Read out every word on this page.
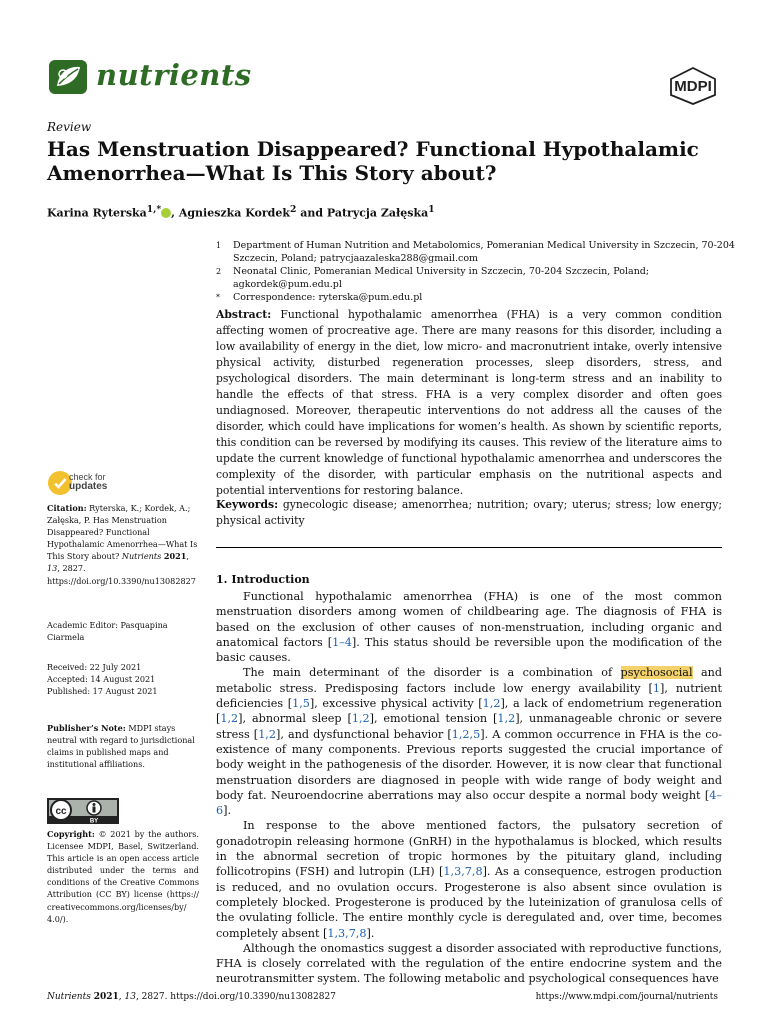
nutrients	MDPI
Review
Has Menstruation Disappeared? Functional Hypothalamic Amenorrhea—What Is This Story about?
Karina Ryterska$^{1,*}$ , Agnieszka Kordek$^2$ and Patrycja Załęska$^1$
1	Department of Human Nutrition and Metabolomics, Pomeranian Medical University in Szczecin, 70-204 Szczecin, Poland; patrycjaazaleska288@gmail.com
2	Neonatal Clinic, Pomeranian Medical University in Szczecin, 70-204 Szczecin, Poland; agkordek@pum.edu.pl
*	Correspondence: ryterska@pum.edu.pl
Abstract: Functional hypothalamic amenorrhea (FHA) is a very common condition affecting women of procreative age. There are many reasons for this disorder, including a low availability of energy in the diet, low micro- and macronutrient intake, overly intensive physical activity, disturbed regeneration processes, sleep disorders, stress, and psychological disorders. The main determinant is long-term stress and an inability to handle the effects of that stress. FHA is a very complex disorder and often goes undiagnosed. Moreover, therapeutic interventions do not address all the causes of the disorder, which could have implications for women’s health. As shown by scientific reports, this condition can be reversed by modifying its causes. This review of the literature aims to update the current knowledge of functional hypothalamic amenorrhea and underscores the complexity of the disorder, with particular emphasis on the nutritional aspects and potential interventions for restoring balance.
Keywords: gynecologic disease; amenorrhea; nutrition; ovary; uterus; stress; low energy; physical activity
check for
updates
Citation: Ryterska, K.; Kordek, A.; Załęska, P. Has Menstruation Disappeared? Functional Hypothalamic Amenorrhea—What Is This Story about? Nutrients 2021, 13, 2827. https://doi.org/10.3390/nu13082827
Academic Editor: Pasquapina Ciarmela
Received: 22 July 2021
Accepted: 14 August 2021
Published: 17 August 2021
Publisher’s Note: MDPI stays neutral with regard to jurisdictional claims in published maps and institutional affiliations.
cc
BY
Copyright: © 2021 by the authors. Licensee MDPI, Basel, Switzerland. This article is an open access article distributed under the terms and conditions of the Creative Commons Attribution (CC BY) license (https:// creativecommons.org/licenses/by/ 4.0/).
1. Introduction

Functional hypothalamic amenorrhea (FHA) is one of the most common menstruation disorders among women of childbearing age. The diagnosis of FHA is based on the exclusion of other causes of non-menstruation, including organic and anatomical factors [1–4]. This status should be reversible upon the modification of the basic causes.

The main determinant of the disorder is a combination of psychosocial and metabolic stress. Predisposing factors include low energy availability [1], nutrient deficiencies [1,5], excessive physical activity [1,2], a lack of endometrium regeneration [1,2], abnormal sleep [1,2], emotional tension [1,2], unmanageable chronic or severe stress [1,2], and dysfunctional behavior [1,2,5]. A common occurrence in FHA is the co-existence of many components. Previous reports suggested the crucial importance of body weight in the pathogenesis of the disorder. However, it is now clear that functional menstruation disorders are diagnosed in people with wide range of body weight and body fat. Neuroendocrine aberrations may also occur despite a normal body weight [4–6].

In response to the above mentioned factors, the pulsatory secretion of gonadotropin releasing hormone (GnRH) in the hypothalamus is blocked, which results in the abnormal secretion of tropic hormones by the pituitary gland, including follicotropins (FSH) and lutropin (LH) [1,3,7,8]. As a consequence, estrogen production is reduced, and no ovulation occurs. Progesterone is also absent since ovulation is completely blocked. Progesterone is produced by the luteinization of granulosa cells of the ovulating follicle. The entire monthly cycle is deregulated and, over time, becomes completely absent [1,3,7,8].

Although the onomastics suggest a disorder associated with reproductive functions, FHA is closely correlated with the regulation of the entire endocrine system and the neurotransmitter system. The following metabolic and psychological consequences have

Nutrients 2021, 13, 2827. https://doi.org/10.3390/nu13082827	https://www.mdpi.com/journal/nutrients
